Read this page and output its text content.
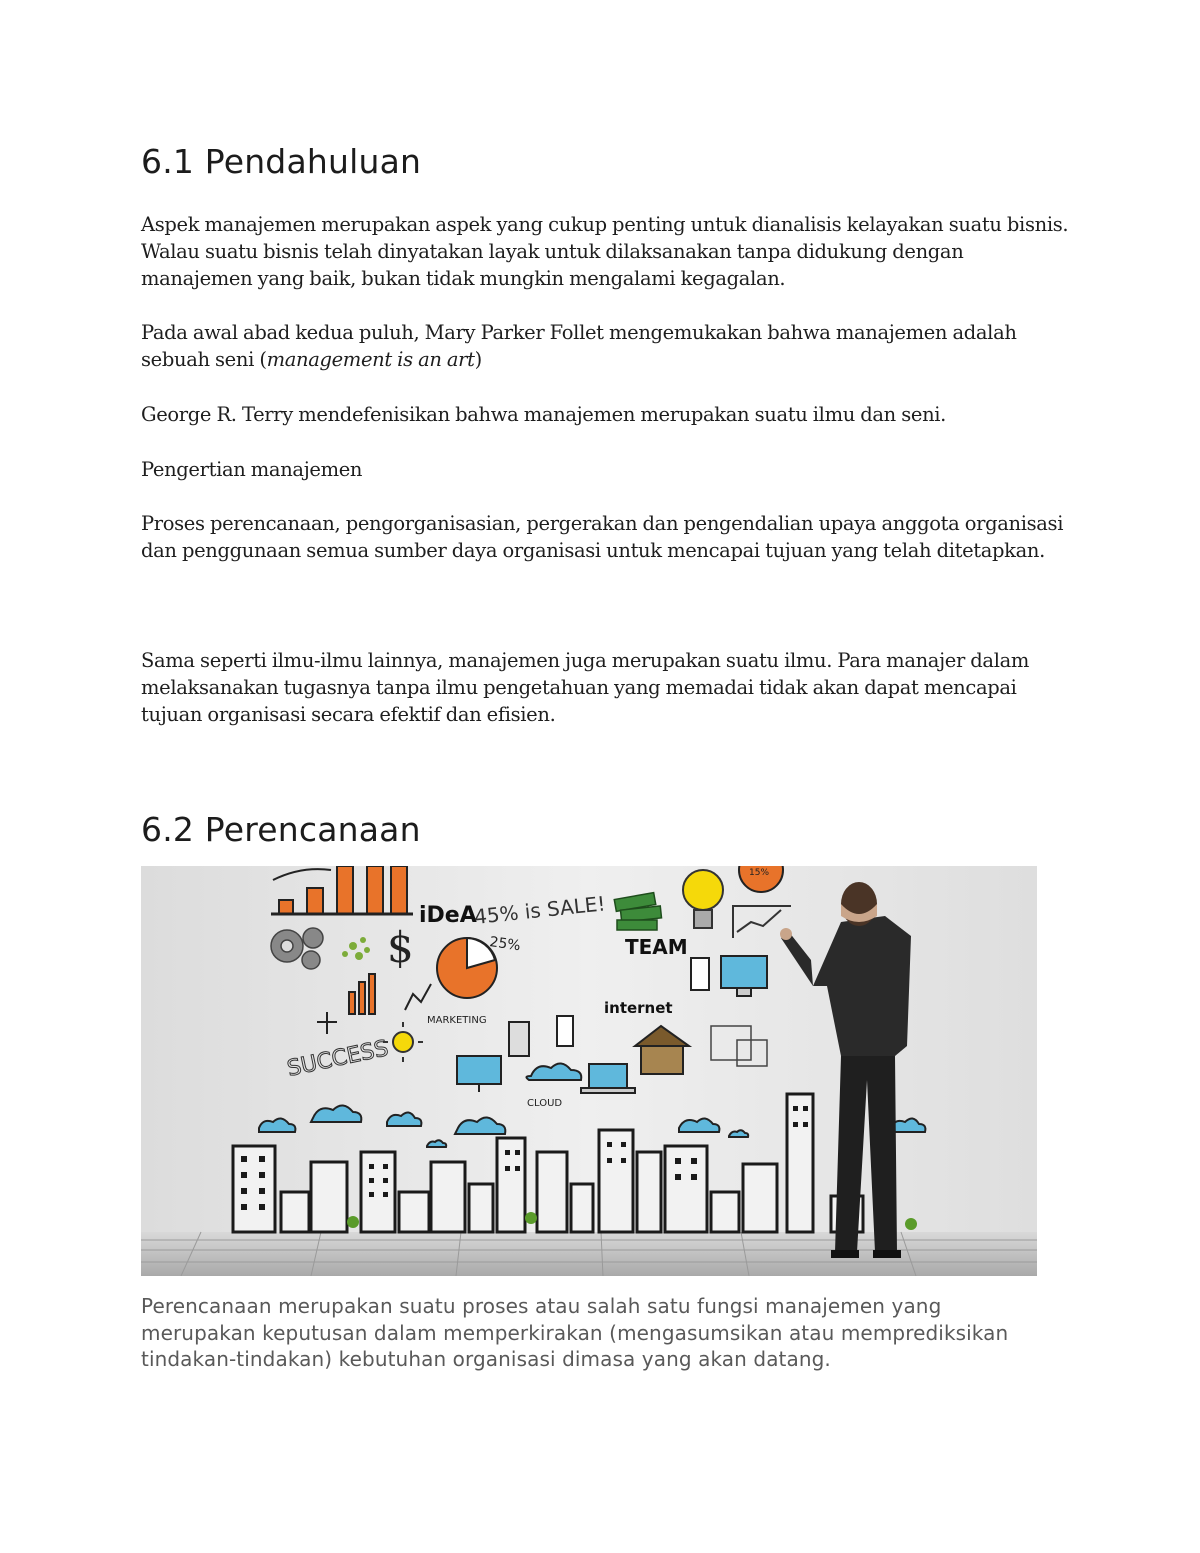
6.1 Pendahuluan

Aspek manajemen merupakan aspek yang cukup penting untuk dianalisis kelayakan suatu bisnis. Walau suatu bisnis telah dinyatakan layak untuk dilaksanakan tanpa didukung dengan manajemen yang baik, bukan tidak mungkin mengalami kegagalan.

Pada awal abad kedua puluh, Mary Parker Follet mengemukakan bahwa manajemen adalah sebuah seni (management is an art)

George R. Terry mendefenisikan bahwa manajemen merupakan suatu ilmu dan seni.

Pengertian manajemen

Proses perencanaan, pengorganisasian, pergerakan dan pengendalian upaya anggota organisasi dan penggunaan semua sumber daya organisasi untuk mencapai tujuan yang telah ditetapkan.

Sama seperti ilmu-ilmu lainnya, manajemen juga merupakan suatu ilmu. Para manajer dalam melaksanakan tugasnya tanpa ilmu pengetahuan yang memadai tidak akan dapat mencapai tujuan organisasi secara efektif dan efisien.

6.2 Perencanaan
iDeA
45% is SALE!
25%	TEAM
internet
MARKETING
SUCCESS
CLOUD
$
15%

Perencanaan merupakan suatu proses atau salah satu fungsi manajemen yang merupakan keputusan dalam memperkirakan (mengasumsikan atau memprediksikan tindakan-tindakan) kebutuhan organisasi dimasa yang akan datang.
